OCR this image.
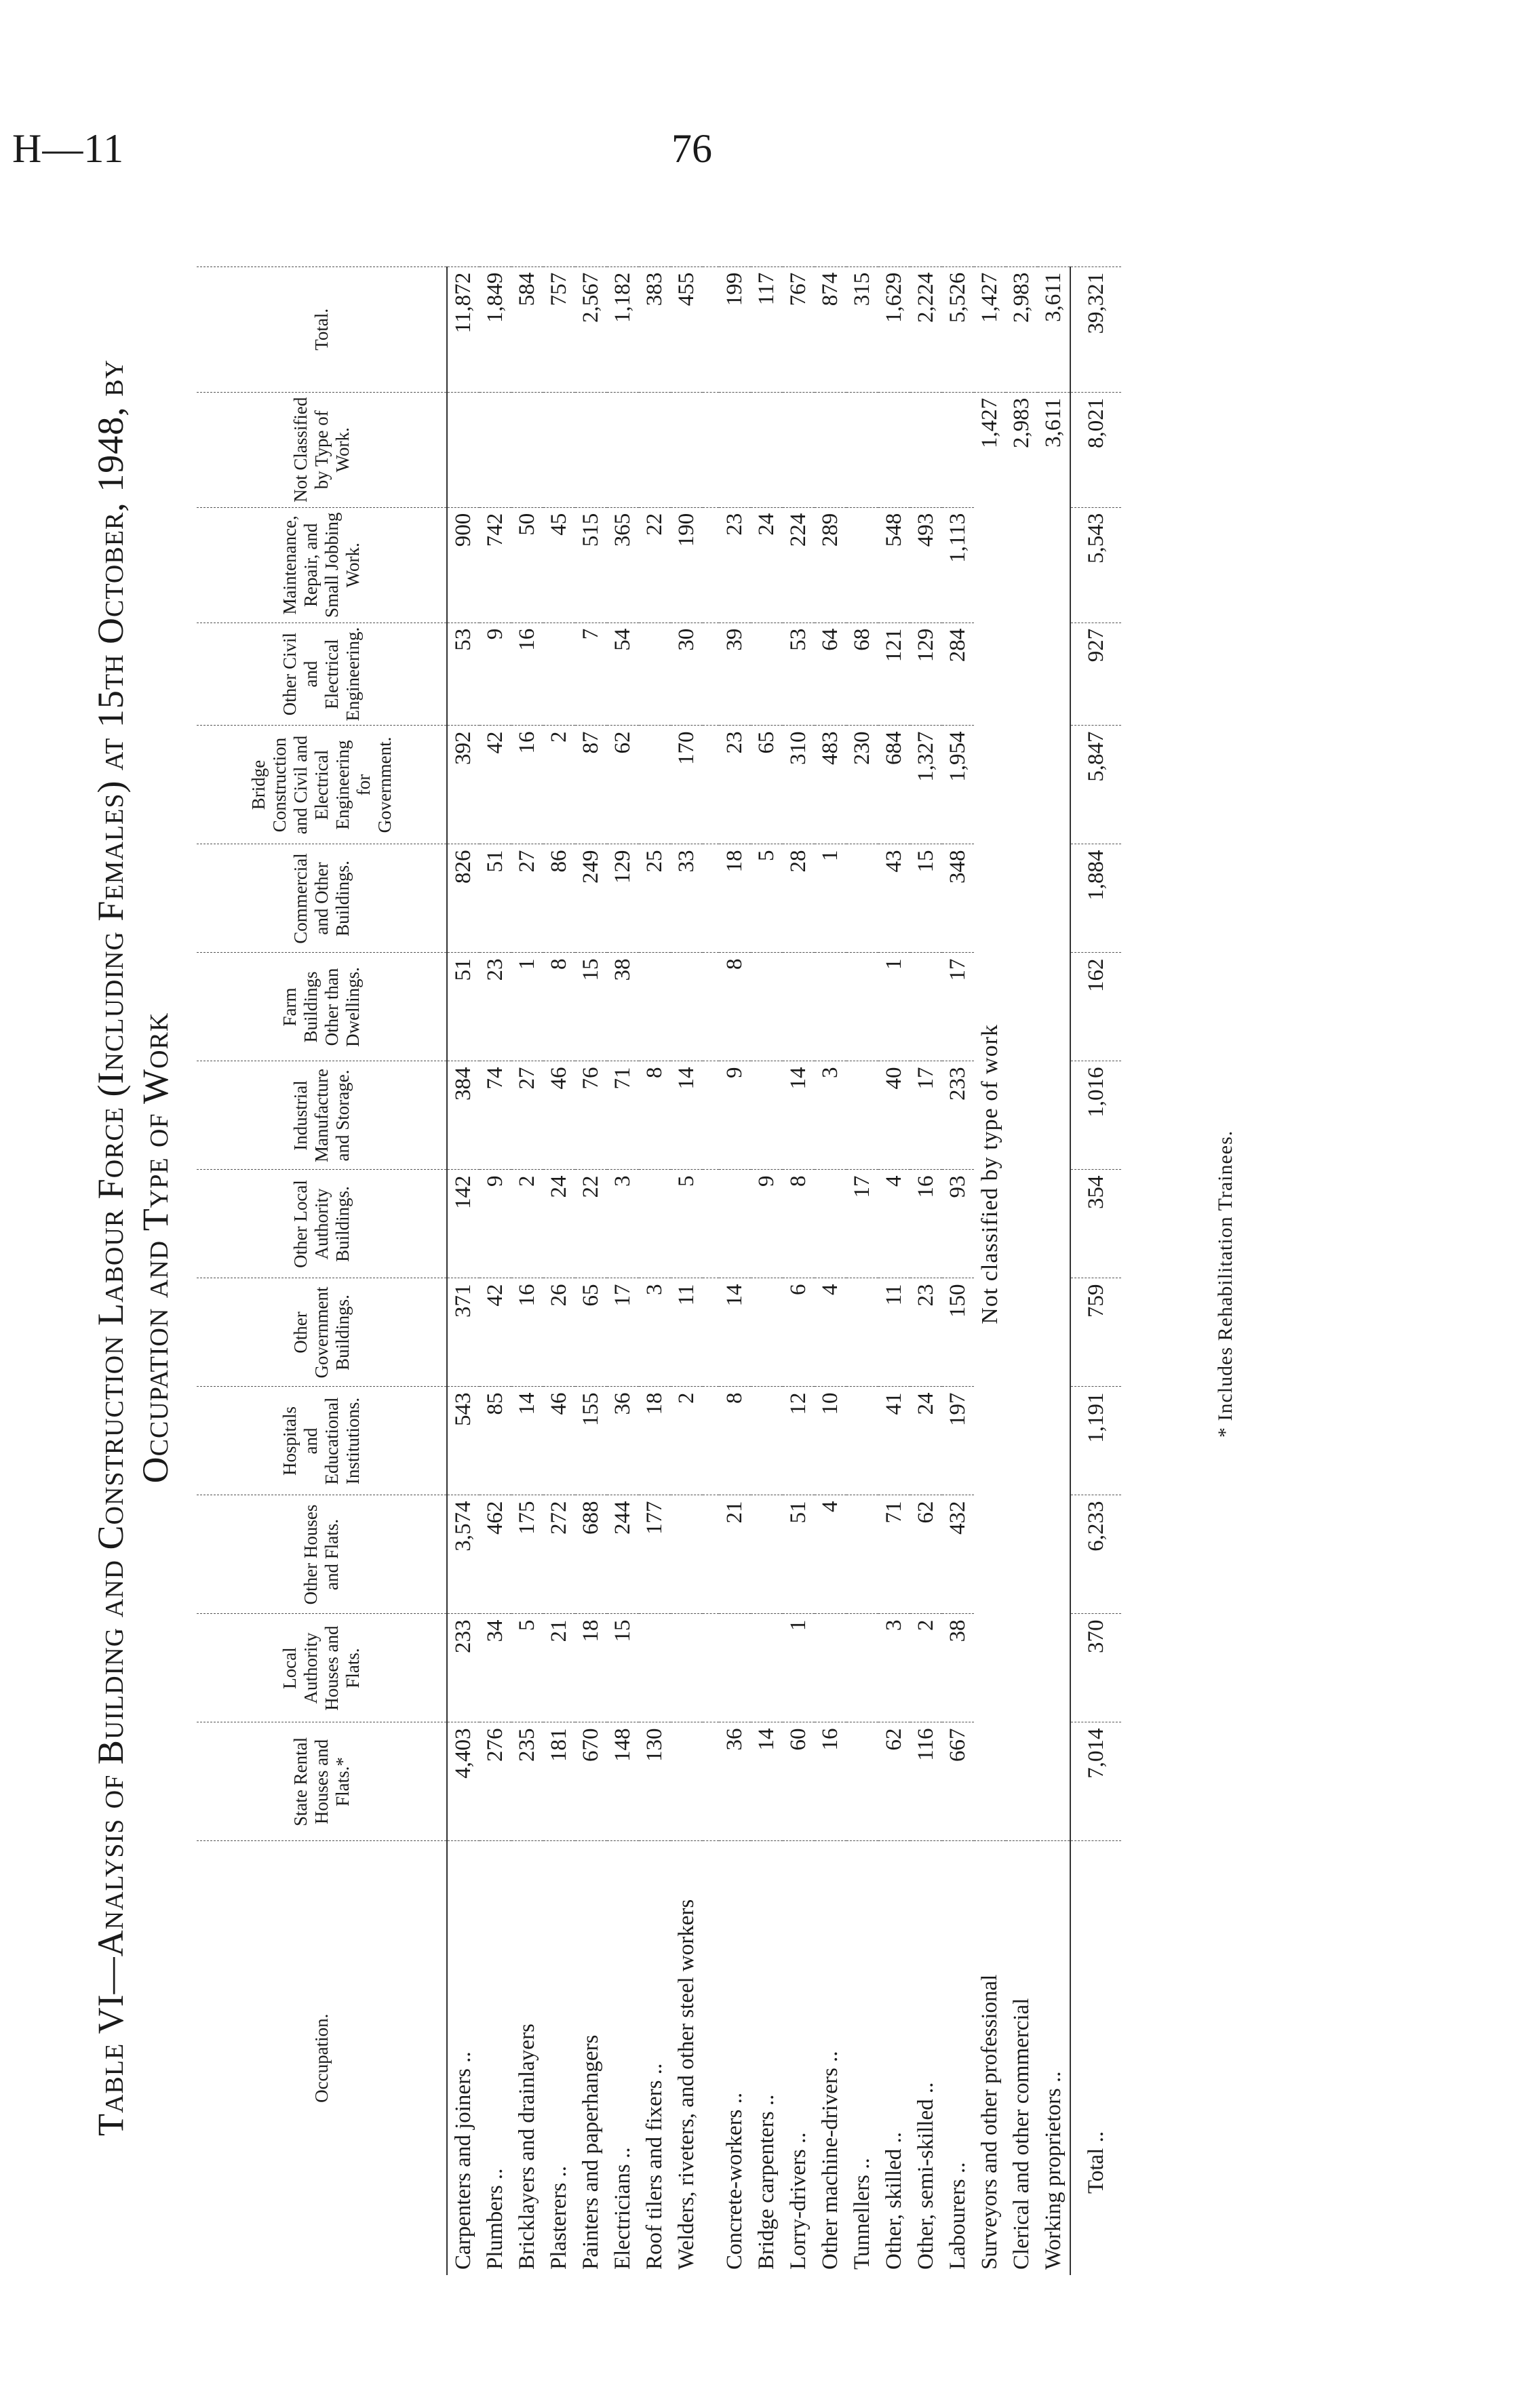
H—11	76
Table VI—Analysis of Building and Construction Labour Force (Including Females) at 15th October, 1948, by Occupation and Type of Work
Occupation.	State Rental Houses and Flats.*	Local Authority Houses and Flats.	Other Houses and Flats.	Hospitals and Educational Institutions.	Other Government Buildings.	Other Local Authority Buildings.	Industrial Manufacture and Storage.	Farm Buildings Other than Dwellings.	Commercial and Other Buildings.	Bridge Construction and Civil and Electrical Engineering for Government.	Other Civil and Electrical Engineering.	Maintenance, Repair, and Small Jobbing Work.	Not Classified by Type of Work.	Total.
Carpenters and joiners ..	4,403	233	3,574	543	371	142	384	51	826	392	53	900		11,872
Plumbers ..	276	34	462	85	42	9	74	23	51	42	9	742		1,849
Bricklayers and drainlayers	235	5	175	14	16	2	27	1	27	16	16	50		584
Plasterers ..	181	21	272	46	26	24	46	8	86	2		45		757
Painters and paperhangers	670	18	688	155	65	22	76	15	249	87	7	515		2,567
Electricians ..	148	15	244	36	17	3	71	38	129	62	54	365		1,182
Roof tilers and fixers ..	130		177	18	3		8		25			22		383
Welders, riveters, and other steel workers				2	11	5	14		33	170	30	190		455

Concrete-workers ..	36		21	8	14		9	8	18	23	39	23		199
Bridge carpenters ..	14					9			5	65		24		117
Lorry-drivers ..	60	1	51	12	6	8	14		28	310	53	224		767
Other machine-drivers ..	16		4	10	4		3		1	483	64	289		874
Tunnellers ..						17				230	68			315
Other, skilled ..	62	3	71	41	11	4	40	1	43	684	121	548		1,629
Other, semi-skilled ..	116	2	62	24	23	16	17		15	1,327	129	493		2,224
Labourers ..	667	38	432	197	150	93	233	17	348	1,954	284	1,113		5,526
Surveyors and other professional	Not classified by type of work												1,427	1,427
Clerical and other commercial													2,983	2,983
Working proprietors ..													3,611	3,611
Total ..	7,014	370	6,233	1,191	759	354	1,016	162	1,884	5,847	927	5,543	8,021	39,321
* Includes Rehabilitation Trainees.
